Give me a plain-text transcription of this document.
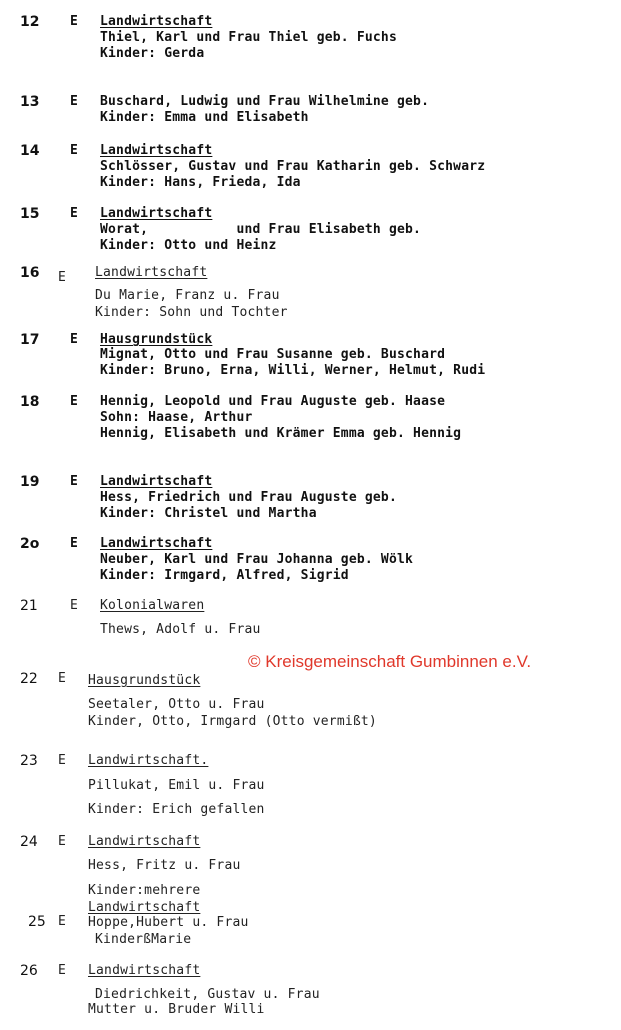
12 E Landwirtschaft
Thiel, Karl und Frau Thiel geb. Fuchs
Kinder: Gerda
13 E Buschard, Ludwig und Frau Wilhelmine geb.
Kinder: Emma und Elisabeth
14 E Landwirtschaft
Schlösser, Gustav und Frau Katharin geb. Schwarz
Kinder: Hans, Frieda, Ida
15 E Landwirtschaft
Worat,           und Frau Elisabeth geb.
Kinder: Otto und Heinz
16 E Landwirtschaft
Du Marie, Franz u. Frau
Kinder: Sohn und Tochter
17 E Hausgrundstück
Mignat, Otto und Frau Susanne geb. Buschard
Kinder: Bruno, Erna, Willi, Werner, Helmut, Rudi
18 E Hennig, Leopold und Frau Auguste geb. Haase
Sohn: Haase, Arthur
Hennig, Elisabeth und Krämer Emma geb. Hennig
19 E Landwirtschaft
Hess, Friedrich und Frau Auguste geb.
Kinder: Christel und Martha
2o E Landwirtschaft
Neuber, Karl und Frau Johanna geb. Wölk
Kinder: Irmgard, Alfred, Sigrid
21 E Kolonialwaren
Thews, Adolf u. Frau
22 E Hausgrundstück
Seetaler, Otto u. Frau
Kinder, Otto, Irmgard (Otto vermißt)
23 E Landwirtschaft.
Pillukat, Emil u. Frau
Kinder: Erich gefallen
24 E Landwirtschaft
Hess, Fritz u. Frau
Kinder:mehrere
Landwirtschaft
25 E Hoppe,Hubert u. Frau
KinderßMarie
26 E Landwirtschaft
Diedrichkeit, Gustav u. Frau
Mutter u. Bruder Willi
© Kreisgemeinschaft Gumbinnen e.V.
